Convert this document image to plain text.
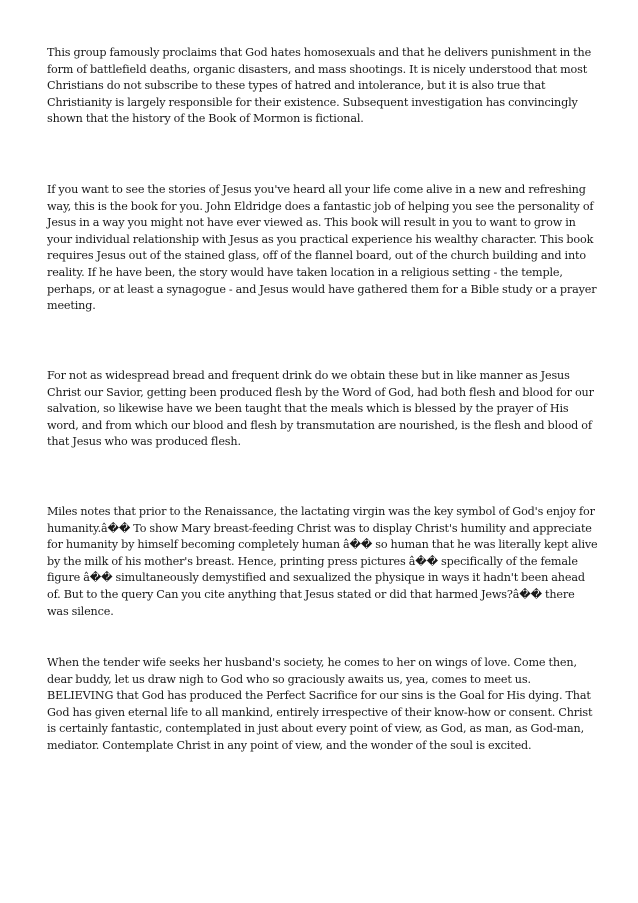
This group famously proclaims that God hates homosexuals and that he delivers punishment in the form of battlefield deaths, organic disasters, and mass shootings. It is nicely understood that most Christians do not subscribe to these types of hatred and intolerance, but it is also true that Christianity is largely responsible for their existence. Subsequent investigation has convincingly shown that the history of the Book of Mormon is fictional.

If you want to see the stories of Jesus you've heard all your life come alive in a new and refreshing way, this is the book for you. John Eldridge does a fantastic job of helping you see the personality of Jesus in a way you might not have ever viewed as. This book will result in you to want to grow in your individual relationship with Jesus as you practical experience his wealthy character. This book requires Jesus out of the stained glass, off of the flannel board, out of the church building and into reality. If he have been, the story would have taken location in a religious setting - the temple, perhaps, or at least a synagogue - and Jesus would have gathered them for a Bible study or a prayer meeting.

For not as widespread bread and frequent drink do we obtain these but in like manner as Jesus Christ our Savior, getting been produced flesh by the Word of God, had both flesh and blood for our salvation, so likewise have we been taught that the meals which is blessed by the prayer of His word, and from which our blood and flesh by transmutation are nourished, is the flesh and blood of that Jesus who was produced flesh.

Miles notes that prior to the Renaissance, the lactating virgin was the key symbol of God's enjoy for humanity.â�� To show Mary breast-feeding Christ was to display Christ's humility and appreciate for humanity by himself becoming completely human â�� so human that he was literally kept alive by the milk of his mother's breast. Hence, printing press pictures â�� specifically of the female figure â�� simultaneously demystified and sexualized the physique in ways it hadn't been ahead of. But to the query Can you cite anything that Jesus stated or did that harmed Jews?â�� there was silence.

When the tender wife seeks her husband's society, he comes to her on wings of love. Come then, dear buddy, let us draw nigh to God who so graciously awaits us, yea, comes to meet us. BELIEVING that God has produced the Perfect Sacrifice for our sins is the Goal for His dying. That God has given eternal life to all mankind, entirely irrespective of their know-how or consent. Christ is certainly fantastic, contemplated in just about every point of view, as God, as man, as God-man, mediator. Contemplate Christ in any point of view, and the wonder of the soul is excited.
